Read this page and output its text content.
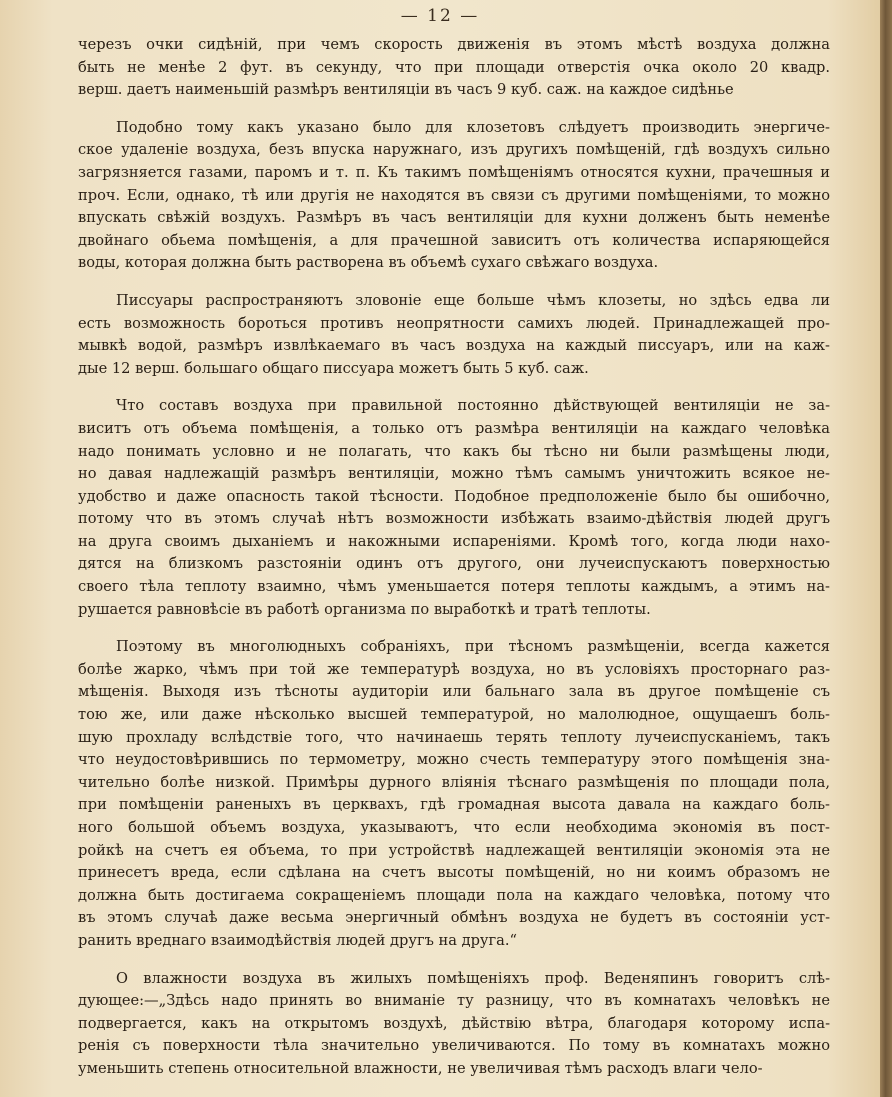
— 12 —
черезъ очки сидѣній, при чемъ скорость движенія въ этомъ мѣстѣ воздуха должна
быть не менѣе 2 фут. въ секунду, что при площади отверстія очка около 20 квадр.
верш. даетъ наименьшій размѣръ вентиляціи въ часъ 9 куб. саж. на каждое сидѣнье
Подобно тому какъ указано было для клозетовъ слѣдуетъ производить энергиче-
ское удаленіе воздуха, безъ впуска наружнаго, изъ другихъ помѣщеній, гдѣ воздухъ сильно
загрязняется газами, паромъ и т. п. Къ такимъ помѣщеніямъ относятся кухни, прачешныя и
проч. Если, однако, тѣ или другія не находятся въ связи съ другими помѣщеніями, то можно
впускать свѣжій воздухъ. Размѣръ въ часъ вентиляціи для кухни долженъ быть неменѣе
двойнаго обьема помѣщенія, а для прачешной зависитъ отъ количества испаряющейся
воды, которая должна быть растворена въ объемѣ сухаго свѣжаго воздуха.
Писсуары распространяютъ зловоніе еще больше чѣмъ клозеты, но здѣсь едва ли
есть возможность бороться противъ неопрятности самихъ людей. Принадлежащей про-
мывкѣ водой, размѣръ извлѣкаемаго въ часъ воздуха на каждый писсуаръ, или на каж-
дые 12 верш. большаго общаго писсуара можетъ быть 5 куб. саж.
Что составъ воздуха при правильной постоянно дѣйствующей вентиляціи не за-
виситъ отъ объема помѣщенія, а только отъ размѣра вентиляціи на каждаго человѣка
надо понимать условно и не полагать, что какъ бы тѣсно ни были размѣщены люди,
но давая надлежащій размѣръ вентиляціи, можно тѣмъ самымъ уничтожить всякое не-
удобство и даже опасность такой тѣсности. Подобное предположеніе было бы ошибочно,
потому что въ этомъ случаѣ нѣтъ возможности избѣжать взаимо-дѣйствія людей другъ
на друга своимъ дыханіемъ и накожными испареніями. Кромѣ того, когда люди нахо-
дятся на близкомъ разстояніи одинъ отъ другого, они лучеиспускаютъ поверхностью
своего тѣла теплоту взаимно, чѣмъ уменьшается потеря теплоты каждымъ, а этимъ на-
рушается равновѣсіе въ работѣ организма по выработкѣ и тратѣ теплоты.
Поэтому въ многолюдныхъ собраніяхъ, при тѣсномъ размѣщеніи, всегда кажется
болѣе жарко, чѣмъ при той же температурѣ воздуха, но въ условіяхъ просторнаго раз-
мѣщенія. Выходя изъ тѣсноты аудиторіи или бальнаго зала въ другое помѣщеніе съ
тою же, или даже нѣсколько высшей температурой, но малолюдное, ощущаешъ боль-
шую прохладу вслѣдствіе того, что начинаешь терять теплоту лучеиспусканіемъ, такъ
что неудостовѣрившись по термометру, можно счесть температуру этого помѣщенія зна-
чительно болѣе низкой. Примѣры дурного вліянія тѣснаго размѣщенія по площади пола,
при помѣщеніи раненыхъ въ церквахъ, гдѣ громадная высота давала на каждаго боль-
ного большой объемъ воздуха, указываютъ, что если необходима экономія въ пост-
ройкѣ на счетъ ея объема, то при устройствѣ надлежащей вентиляціи экономія эта не
принесетъ вреда, если сдѣлана на счетъ высоты помѣщеній, но ни коимъ образомъ не
должна быть достигаема сокращеніемъ площади пола на каждаго человѣка, потому что
въ этомъ случаѣ даже весьма энергичный обмѣнъ воздуха не будетъ въ состояніи уст-
ранить вреднаго взаимодѣйствія людей другъ на друга.“
О влажности воздуха въ жилыхъ помѣщеніяхъ проф. Веденяпинъ говоритъ слѣ-
дующее:—„Здѣсь надо принять во вниманіе ту разницу, что въ комнатахъ человѣкъ не
подвергается, какъ на открытомъ воздухѣ, дѣйствію вѣтра, благодаря которому испа-
ренія съ поверхности тѣла значительно увеличиваются. По тому въ комнатахъ можно
уменьшить степень относительной влажности, не увеличивая тѣмъ расходъ влаги чело-
